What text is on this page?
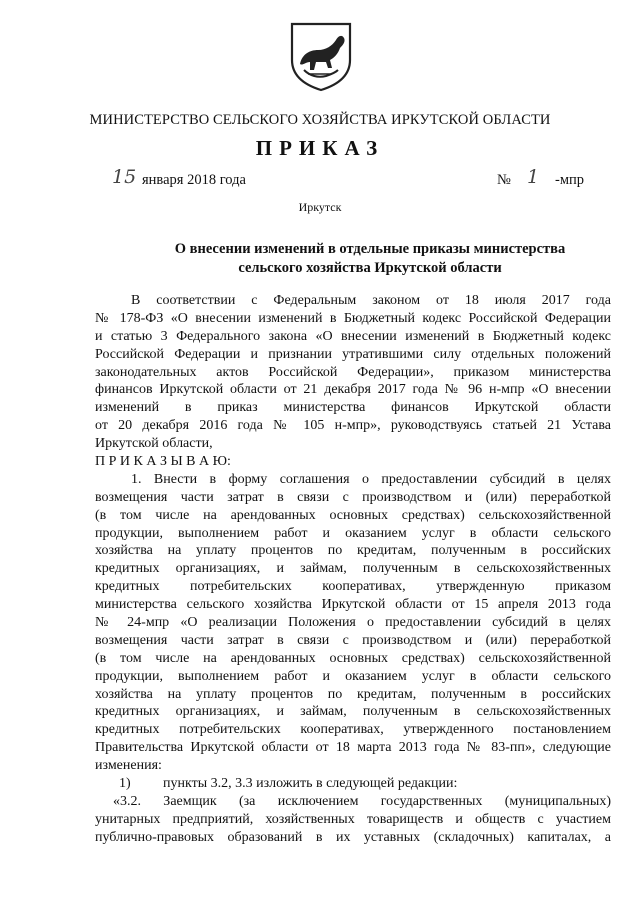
МИНИСТЕРСТВО СЕЛЬСКОГО ХОЗЯЙСТВА ИРКУТСКОЙ ОБЛАСТИ
ПРИКАЗ
15 января 2018 года	№ 1 -мпр
Иркутск
О внесении изменений в отдельные приказы министерства
сельского хозяйства Иркутской области
В соответствии с Федеральным законом от 18 июля 2017 года
№ 178-ФЗ «О внесении изменений в Бюджетный кодекс Российской Федерации
и статью 3 Федерального закона «О внесении изменений в Бюджетный кодекс
Российской Федерации и признании утратившими силу отдельных положений
законодательных актов Российской Федерации», приказом министерства
финансов Иркутской области от 21 декабря 2017 года № 96 н-мпр «О внесении
изменений в приказ министерства финансов Иркутской области
от 20 декабря 2016 года № 105 н-мпр», руководствуясь статьей 21 Устава
Иркутской области,
П Р И К А З Ы В А Ю:
1. Внести в форму соглашения о предоставлении субсидий в целях
возмещения части затрат в связи с производством и (или) переработкой
(в том числе на арендованных основных средствах) сельскохозяйственной
продукции, выполнением работ и оказанием услуг в области сельского
хозяйства на уплату процентов по кредитам, полученным в российских
кредитных организациях, и займам, полученным в сельскохозяйственных
кредитных потребительских кооперативах, утвержденную приказом
министерства сельского хозяйства Иркутской области от 15 апреля 2013 года
№ 24-мпр «О реализации Положения о предоставлении субсидий в целях
возмещения части затрат в связи с производством и (или) переработкой
(в том числе на арендованных основных средствах) сельскохозяйственной
продукции, выполнением работ и оказанием услуг в области сельского
хозяйства на уплату процентов по кредитам, полученным в российских
кредитных организациях, и займам, полученным в сельскохозяйственных
кредитных потребительских кооперативах, утвержденного постановлением
Правительства Иркутской области от 18 марта 2013 года № 83-пп», следующие
изменения:
1) пункты 3.2, 3.3 изложить в следующей редакции:
«3.2. Заемщик (за исключением государственных (муниципальных)
унитарных предприятий, хозяйственных товариществ и обществ с участием
публично-правовых образований в их уставных (складочных) капиталах, а
